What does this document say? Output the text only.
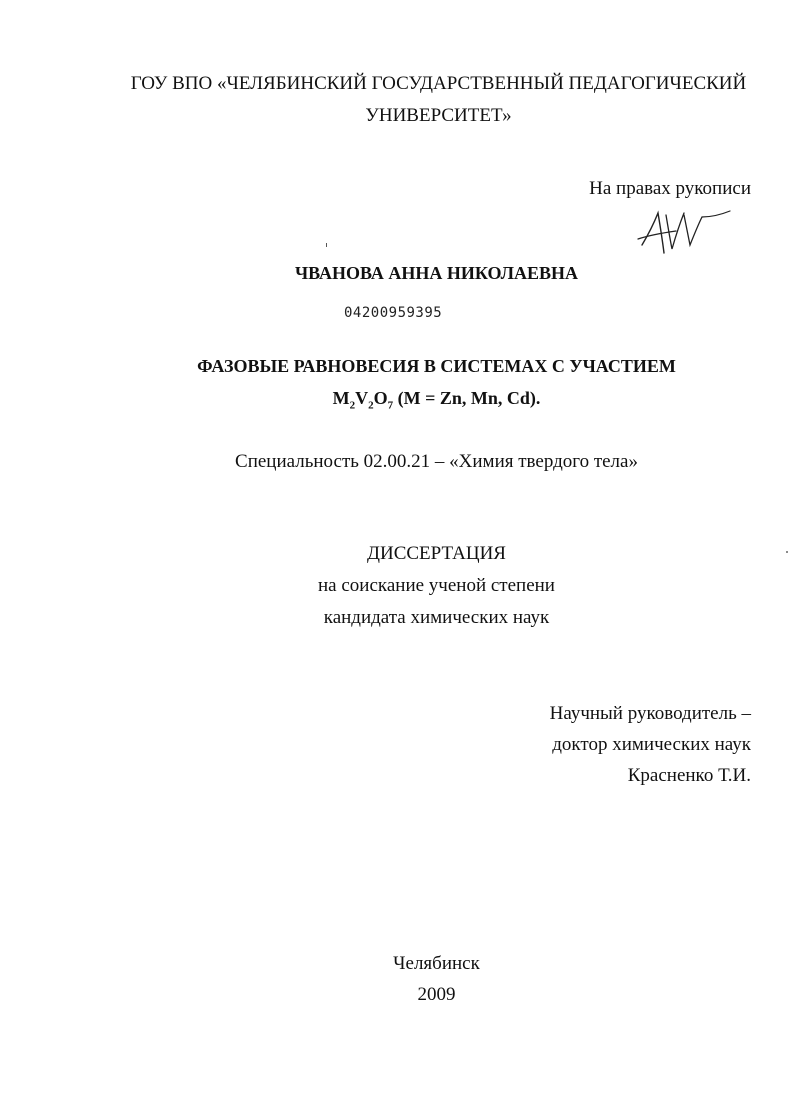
ГОУ ВПО «ЧЕЛЯБИНСКИЙ ГОСУДАРСТВЕННЫЙ ПЕДАГОГИЧЕСКИЙ
УНИВЕРСИТЕТ»
На правах рукописи
ЧВАНОВА АННА НИКОЛАЕВНА
04200959395
ФАЗОВЫЕ РАВНОВЕСИЯ В СИСТЕМАХ С УЧАСТИЕМ
$M_2V_2O_7$ (M = Zn, Mn, Cd).
Специальность 02.00.21 – «Химия твердого тела»
ДИССЕРТАЦИЯ
на соискание ученой степени
кандидата химических наук
Научный руководитель –
доктор химических наук
Красненко Т.И.
Челябинск
2009
